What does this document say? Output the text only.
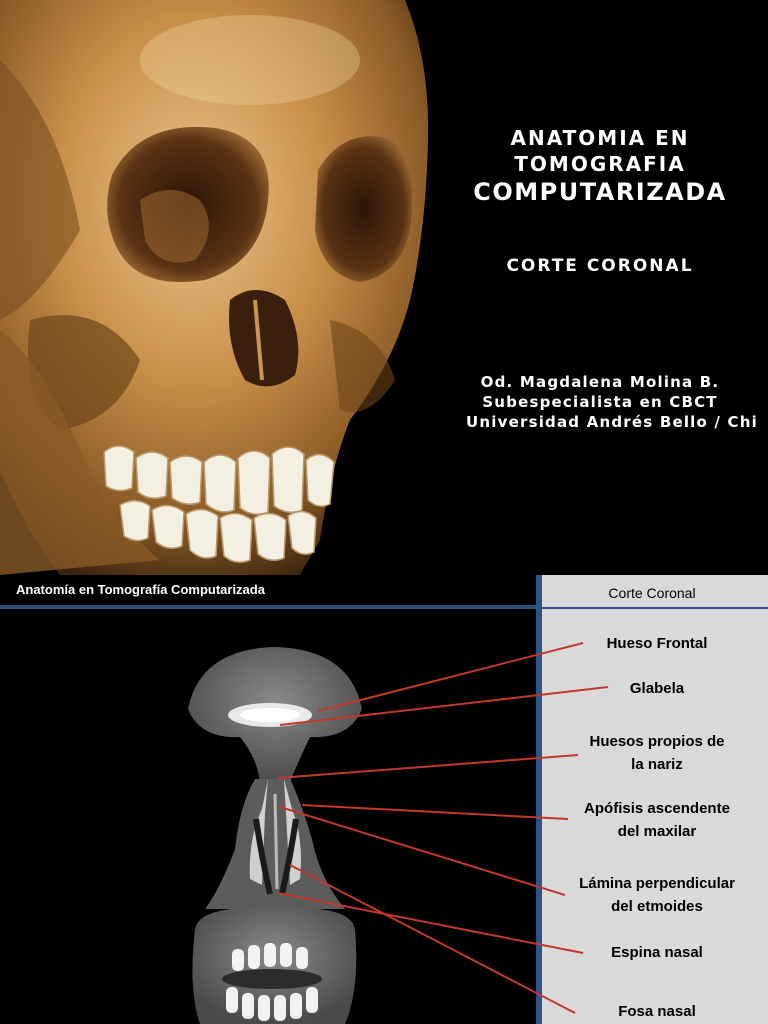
ANATOMIA EN
TOMOGRAFIA
COMPUTARIZADA
CORTE CORONAL
Od. Magdalena Molina B.
Subespecialista en CBCT
Universidad Andrés Bello / Chi
Anatomía en Tomografía Computarizada	Corte Coronal
Hueso Frontal
Glabela
Huesos propios de
la nariz
Apófisis ascendente
del maxilar
Lámina perpendicular
del etmoides
Espina nasal
Fosa nasal
